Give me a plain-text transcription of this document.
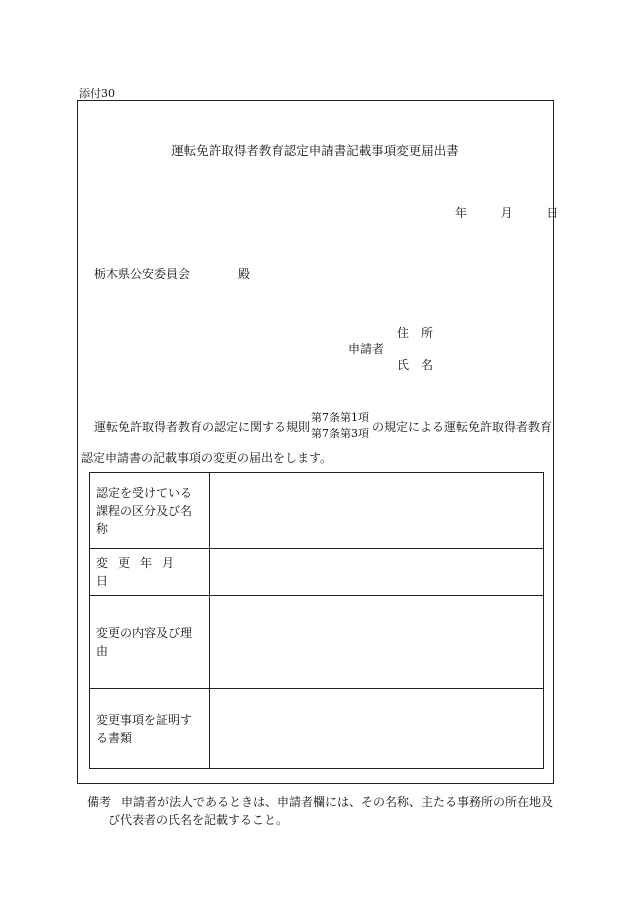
添付30
運転免許取得者教育認定申請書記載事項変更届出書
年	月	日
栃木県公安委員会	殿
住所
申請者
氏名
運転免許取得者教育の認定に関する規則
第7条第1項
第7条第3項 の規定による運転免許取得者教育
認定申請書の記載事項の変更の届出をします。
認定を受けている課程の区分及び名称	
変更年月日	
変更の内容及び理由	
変更事項を証明する書類	
備考 申請者が法人であるときは、申請者欄には、その名称、主たる事務所の所在地及
び代表者の氏名を記載すること。
